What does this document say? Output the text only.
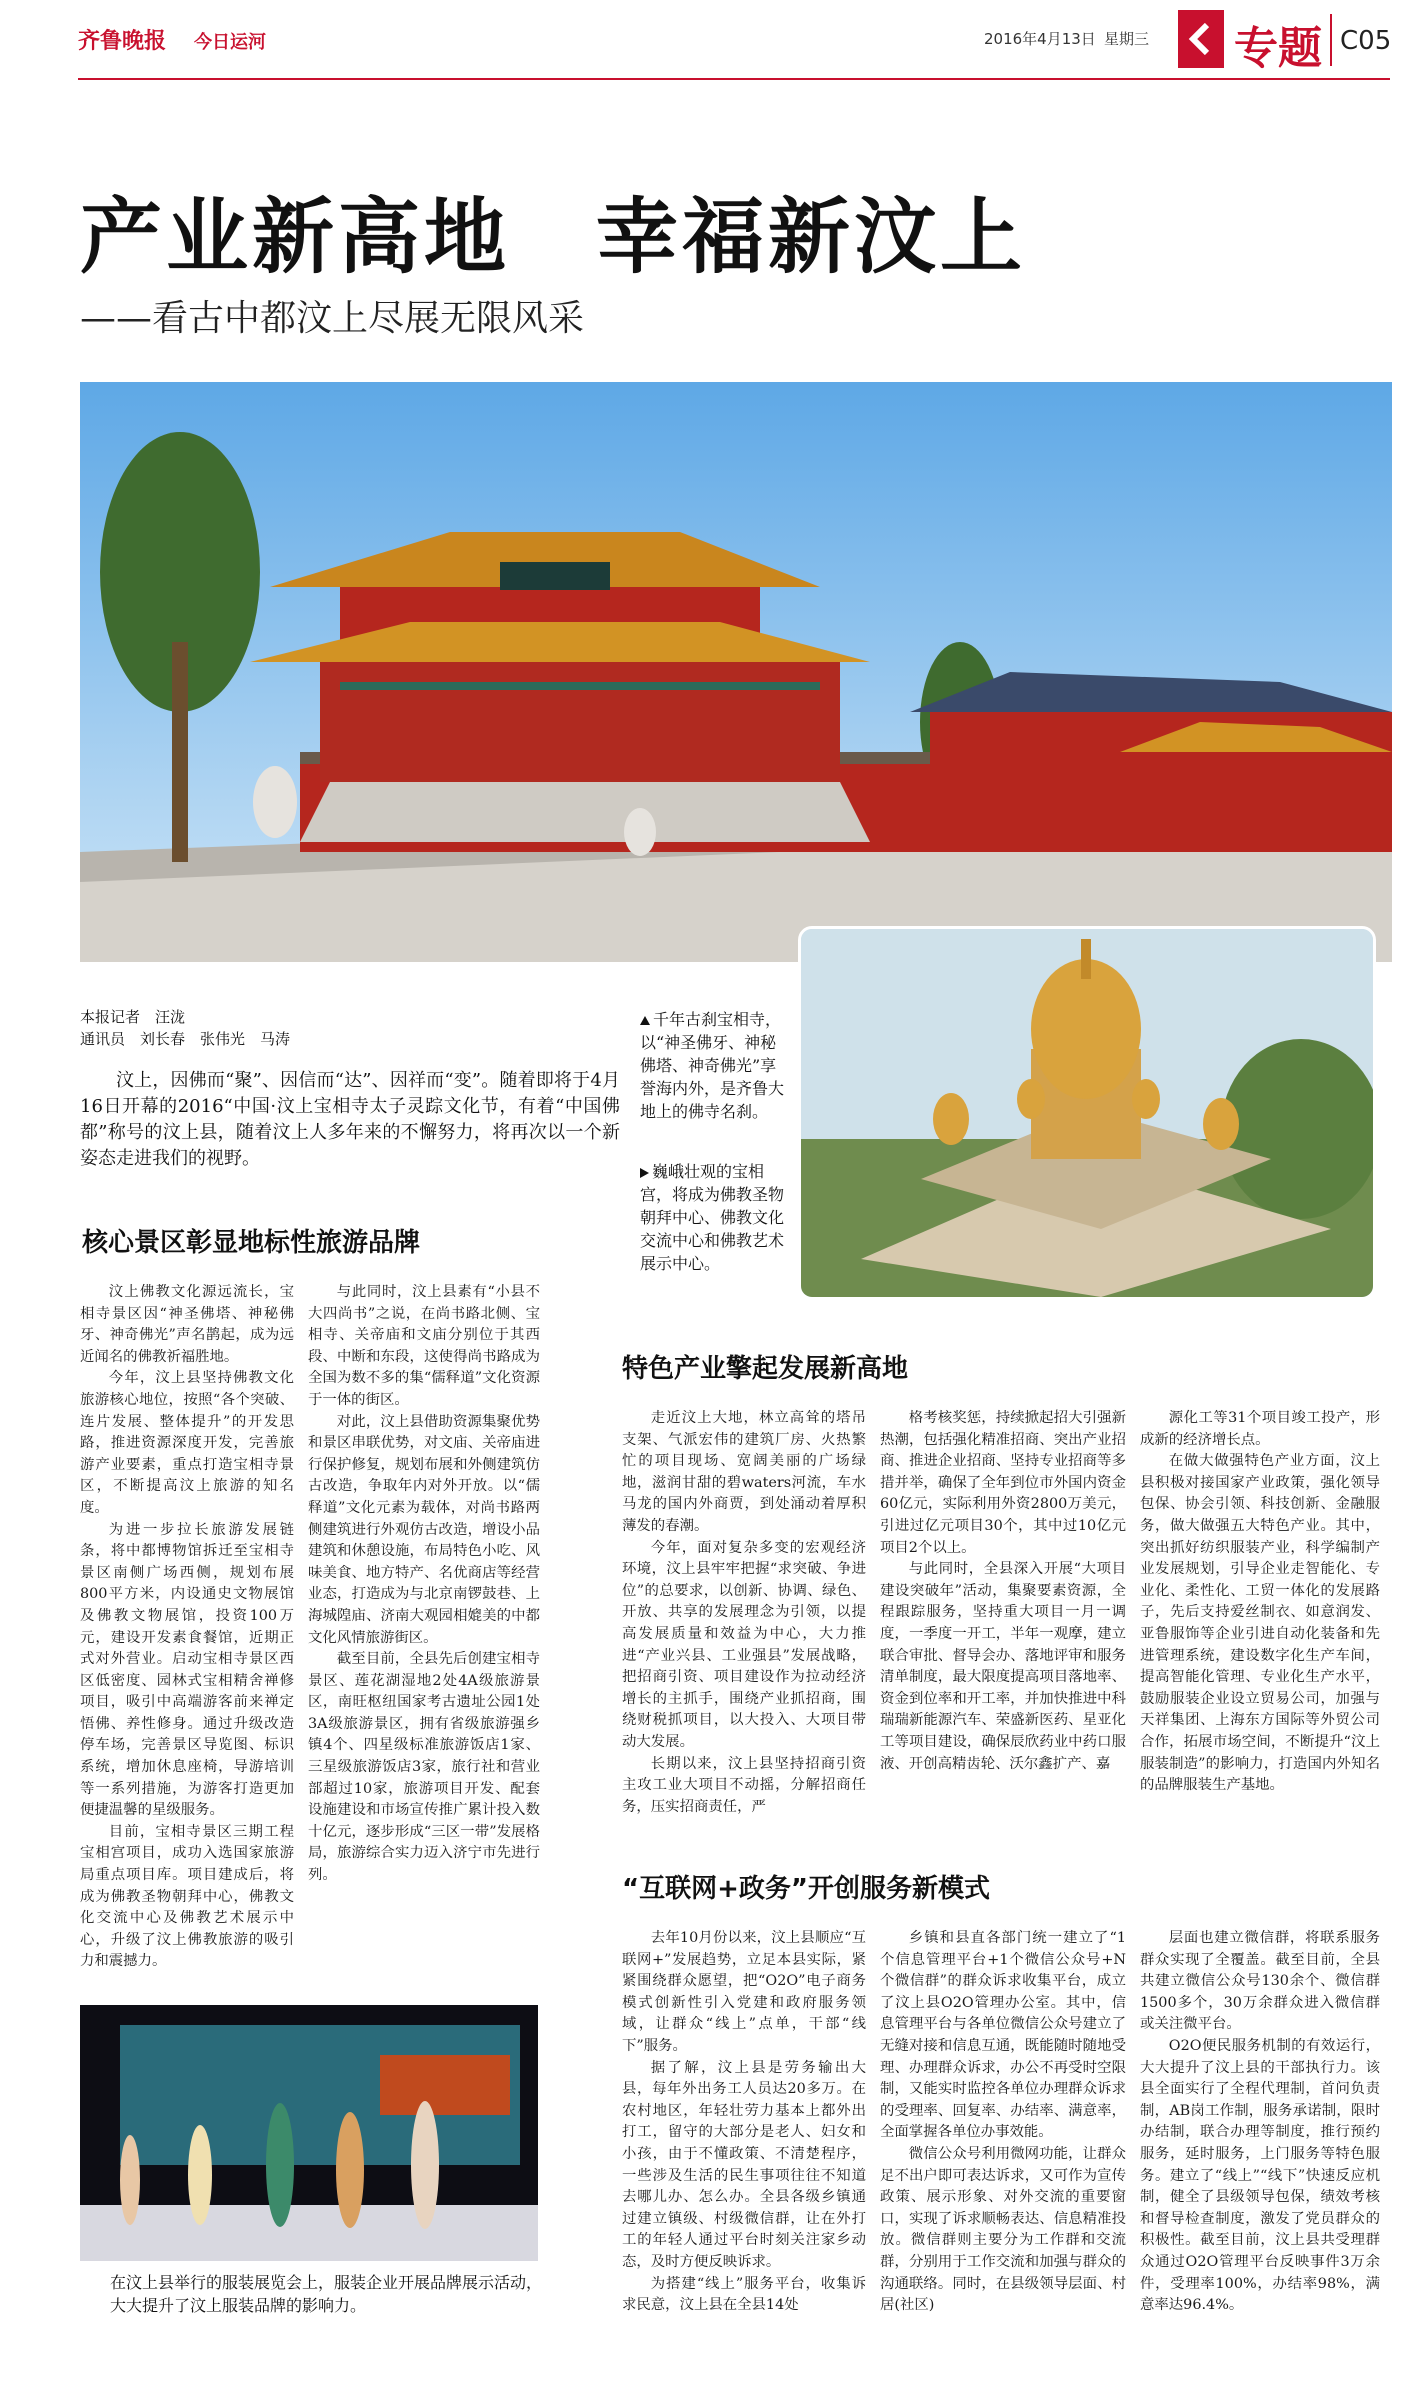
齐鲁晚报 今日运河	2016年4月13日 星期三 专题 C05
产业新高地　幸福新汶上
——看古中都汶上尽展无限风采
本报记者　汪泷
通讯员　刘长春　张伟光　马涛
汶上，因佛而“聚”、因信而“达”、因祥而“变”。随着即将于4月16日开幕的2016“中国·汶上宝相寺太子灵踪文化节，有着“中国佛都”称号的汶上县，随着汶上人多年来的不懈努力，将再次以一个新姿态走进我们的视野。
千年古刹宝相寺，以“神圣佛牙、神秘佛塔、神奇佛光”享誉海内外，是齐鲁大地上的佛寺名刹。
巍峨壮观的宝相宫，将成为佛教圣物朝拜中心、佛教文化交流中心和佛教艺术展示中心。
核心景区彰显地标性旅游品牌
特色产业擎起发展新高地
“互联网+政务”开创服务新模式

汶上佛教文化源远流长，宝相寺景区因“神圣佛塔、神秘佛牙、神奇佛光”声名鹊起，成为远近闻名的佛教祈福胜地。

今年，汶上县坚持佛教文化旅游核心地位，按照“各个突破、连片发展、整体提升”的开发思路，推进资源深度开发，完善旅游产业要素，重点打造宝相寺景区，不断提高汶上旅游的知名度。

为进一步拉长旅游发展链条，将中都博物馆拆迁至宝相寺景区南侧广场西侧，规划布展800平方米，内设通史文物展馆及佛教文物展馆，投资100万元，建设开发素食餐馆，近期正式对外营业。启动宝相寺景区西区低密度、园林式宝相精舍禅修项目，吸引中高端游客前来禅定悟佛、养性修身。通过升级改造停车场，完善景区导览图、标识系统，增加休息座椅，导游培训等一系列措施，为游客打造更加便捷温馨的星级服务。

目前，宝相寺景区三期工程宝相宫项目，成功入选国家旅游局重点项目库。项目建成后，将成为佛教圣物朝拜中心，佛教文化交流中心及佛教艺术展示中心，升级了汶上佛教旅游的吸引力和震撼力。

与此同时，汶上县素有“小县不大四尚书”之说，在尚书路北侧、宝相寺、关帝庙和文庙分别位于其西段、中断和东段，这使得尚书路成为全国为数不多的集“儒释道”文化资源于一体的街区。

对此，汶上县借助资源集聚优势和景区串联优势，对文庙、关帝庙进行保护修复，规划布展和外侧建筑仿古改造，争取年内对外开放。以“儒释道”文化元素为载体，对尚书路两侧建筑进行外观仿古改造，增设小品建筑和休憩设施，布局特色小吃、风味美食、地方特产、名优商店等经营业态，打造成为与北京南锣鼓巷、上海城隍庙、济南大观园相媲美的中都文化风情旅游街区。

截至目前，全县先后创建宝相寺景区、莲花湖湿地2处4A级旅游景区，南旺枢纽国家考古遗址公园1处3A级旅游景区，拥有省级旅游强乡镇4个、四星级标准旅游饭店1家、三星级旅游饭店3家，旅行社和营业部超过10家，旅游项目开发、配套设施建设和市场宣传推广累计投入数十亿元，逐步形成“三区一带”发展格局，旅游综合实力迈入济宁市先进行列。

走近汶上大地，林立高耸的塔吊支架、气派宏伟的建筑厂房、火热繁忙的项目现场、宽阔美丽的广场绿地，滋润甘甜的碧waters河流，车水马龙的国内外商贾，到处涌动着厚积薄发的春潮。

今年，面对复杂多变的宏观经济环境，汶上县牢牢把握“求突破、争进位”的总要求，以创新、协调、绿色、开放、共享的发展理念为引领，以提高发展质量和效益为中心，大力推进“产业兴县、工业强县”发展战略，把招商引资、项目建设作为拉动经济增长的主抓手，围绕产业抓招商，围绕财税抓项目，以大投入、大项目带动大发展。

长期以来，汶上县坚持招商引资主攻工业大项目不动摇，分解招商任务，压实招商责任，严

格考核奖惩，持续掀起招大引强新热潮，包括强化精准招商、突出产业招商、推进企业招商、坚持专业招商等多措并举，确保了全年到位市外国内资金60亿元，实际利用外资2800万美元，引进过亿元项目30个，其中过10亿元项目2个以上。

与此同时，全县深入开展“大项目建设突破年”活动，集聚要素资源，全程跟踪服务，坚持重大项目一月一调度，一季度一开工，半年一观摩，建立联合审批、督导会办、落地评审和服务清单制度，最大限度提高项目落地率、资金到位率和开工率，并加快推进中科瑞瑞新能源汽车、荣盛新医药、星亚化工等项目建设，确保辰欣药业中药口服液、开创高精齿轮、沃尔鑫扩产、嘉

源化工等31个项目竣工投产，形成新的经济增长点。

在做大做强特色产业方面，汶上县积极对接国家产业政策，强化领导包保、协会引领、科技创新、金融服务，做大做强五大特色产业。其中，突出抓好纺织服装产业，科学编制产业发展规划，引导企业走智能化、专业化、柔性化、工贸一体化的发展路子，先后支持爱丝制衣、如意润发、亚鲁服饰等企业引进自动化装备和先进管理系统，建设数字化生产车间，提高智能化管理、专业化生产水平，鼓励服装企业设立贸易公司，加强与天祥集团、上海东方国际等外贸公司合作，拓展市场空间，不断提升“汶上服装制造”的影响力，打造国内外知名的品牌服装生产基地。

去年10月份以来，汶上县顺应“互联网+”发展趋势，立足本县实际，紧紧围绕群众愿望，把“O2O”电子商务模式创新性引入党建和政府服务领域，让群众“线上”点单，干部“线下”服务。

据了解，汶上县是劳务输出大县，每年外出务工人员达20多万。在农村地区，年轻壮劳力基本上都外出打工，留守的大部分是老人、妇女和小孩，由于不懂政策、不清楚程序，一些涉及生活的民生事项往往不知道去哪儿办、怎么办。全县各级乡镇通过建立镇级、村级微信群，让在外打工的年轻人通过平台时刻关注家乡动态，及时方便反映诉求。

为搭建“线上”服务平台，收集诉求民意，汶上县在全县14处

乡镇和县直各部门统一建立了“1个信息管理平台+1个微信公众号+N个微信群”的群众诉求收集平台，成立了汶上县O2O管理办公室。其中，信息管理平台与各单位微信公众号建立了无缝对接和信息互通，既能随时随地受理、办理群众诉求，办公不再受时空限制，又能实时监控各单位办理群众诉求的受理率、回复率、办结率、满意率，全面掌握各单位办事效能。

微信公众号利用微网功能，让群众足不出户即可表达诉求，又可作为宣传政策、展示形象、对外交流的重要窗口，实现了诉求顺畅表达、信息精准投放。微信群则主要分为工作群和交流群，分别用于工作交流和加强与群众的沟通联络。同时，在县级领导层面、村居(社区)

层面也建立微信群，将联系服务群众实现了全覆盖。截至目前，全县共建立微信公众号130余个、微信群1500多个，30万余群众进入微信群或关注微平台。

O2O便民服务机制的有效运行，大大提升了汶上县的干部执行力。该县全面实行了全程代理制，首问负责制，AB岗工作制，服务承诺制，限时办结制，联合办理等制度，推行预约服务，延时服务，上门服务等特色服务。建立了“线上”“线下”快速反应机制，健全了县级领导包保，绩效考核和督导检查制度，激发了党员群众的积极性。截至目前，汶上县共受理群众通过O2O管理平台反映事件3万余件，受理率100%，办结率98%，满意率达96.4%。

在汶上县举行的服装展览会上，服装企业开展品牌展示活动，大大提升了汶上服装品牌的影响力。
